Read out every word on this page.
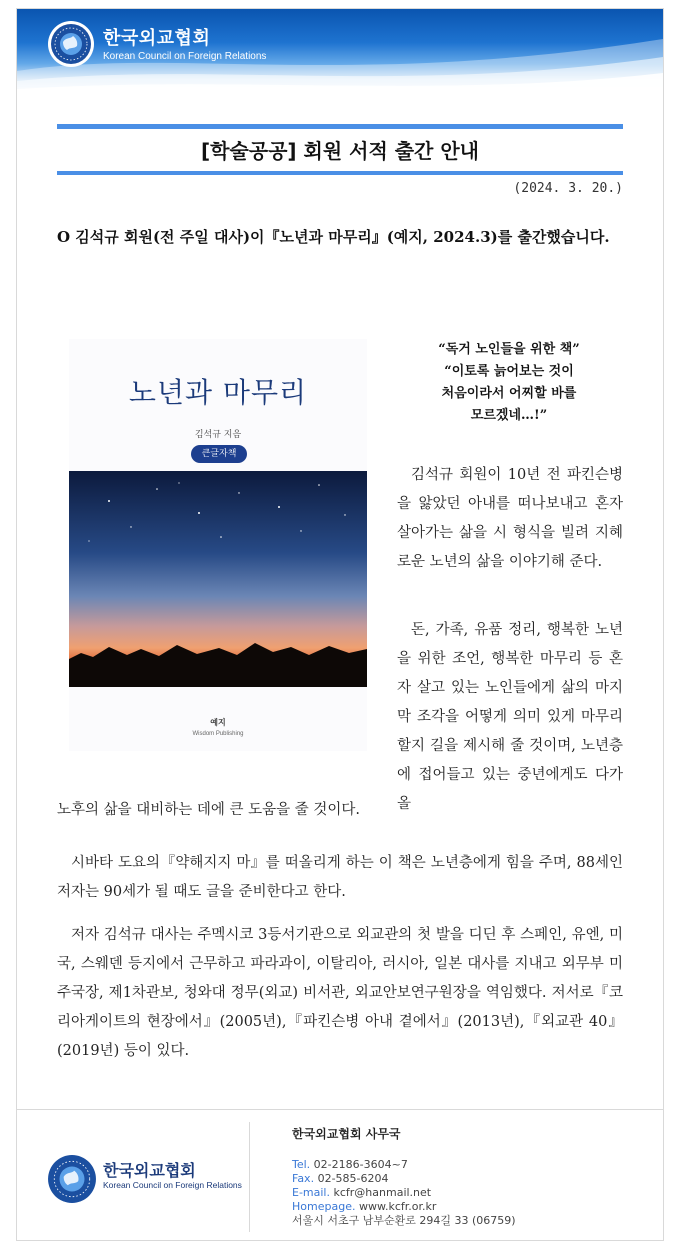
한국외교협회
Korean Council on Foreign Relations
[학술공공] 회원 서적 출간 안내
(2024. 3. 20.)
O 김석규 회원(전 주일 대사)이『노년과 마무리』(예지, 2024.3)를 출간했습니다.
노년과 마무리
김석규 지음
큰글자책
예지
Wisdom Publishing
“독거 노인들을 위한 책”
“이토록 늙어보는 것이
처음이라서 어찌할 바를
모르겠네…!”
김석규 회원이 10년 전 파킨슨병을 앓았던 아내를 떠나보내고 혼자 살아가는 삶을 시 형식을 빌려 지혜로운 노년의 삶을 이야기해 준다.
돈, 가족, 유품 정리, 행복한 노년을 위한 조언, 행복한 마무리 등 혼자 살고 있는 노인들에게 삶의 마지막 조각을 어떻게 의미 있게 마무리할지 길을 제시해 줄 것이며, 노년층에 접어들고 있는 중년에게도 다가올
노후의 삶을 대비하는 데에 큰 도움을 줄 것이다.
시바타 도요의『약해지지 마』를 떠올리게 하는 이 책은 노년층에게 힘을 주며, 88세인 저자는 90세가 될 때도 글을 준비한다고 한다.
저자 김석규 대사는 주멕시코 3등서기관으로 외교관의 첫 발을 디딘 후 스페인, 유엔, 미국, 스웨덴 등지에서 근무하고 파라과이, 이탈리아, 러시아, 일본 대사를 지내고 외무부 미주국장, 제1차관보, 청와대 정무(외교) 비서관, 외교안보연구원장을 역임했다. 저서로『코리아게이트의 현장에서』(2005년),『파킨슨병 아내 곁에서』(2013년),『외교관 40』(2019년) 등이 있다.
한국외교협회
Korean Council on Foreign Relations
한국외교협회 사무국
Tel. 02-2186-3604~7
Fax. 02-585-6204
E-mail. kcfr@hanmail.net
Homepage. www.kcfr.or.kr
서울시 서초구 남부순환로 294길 33 (06759)
